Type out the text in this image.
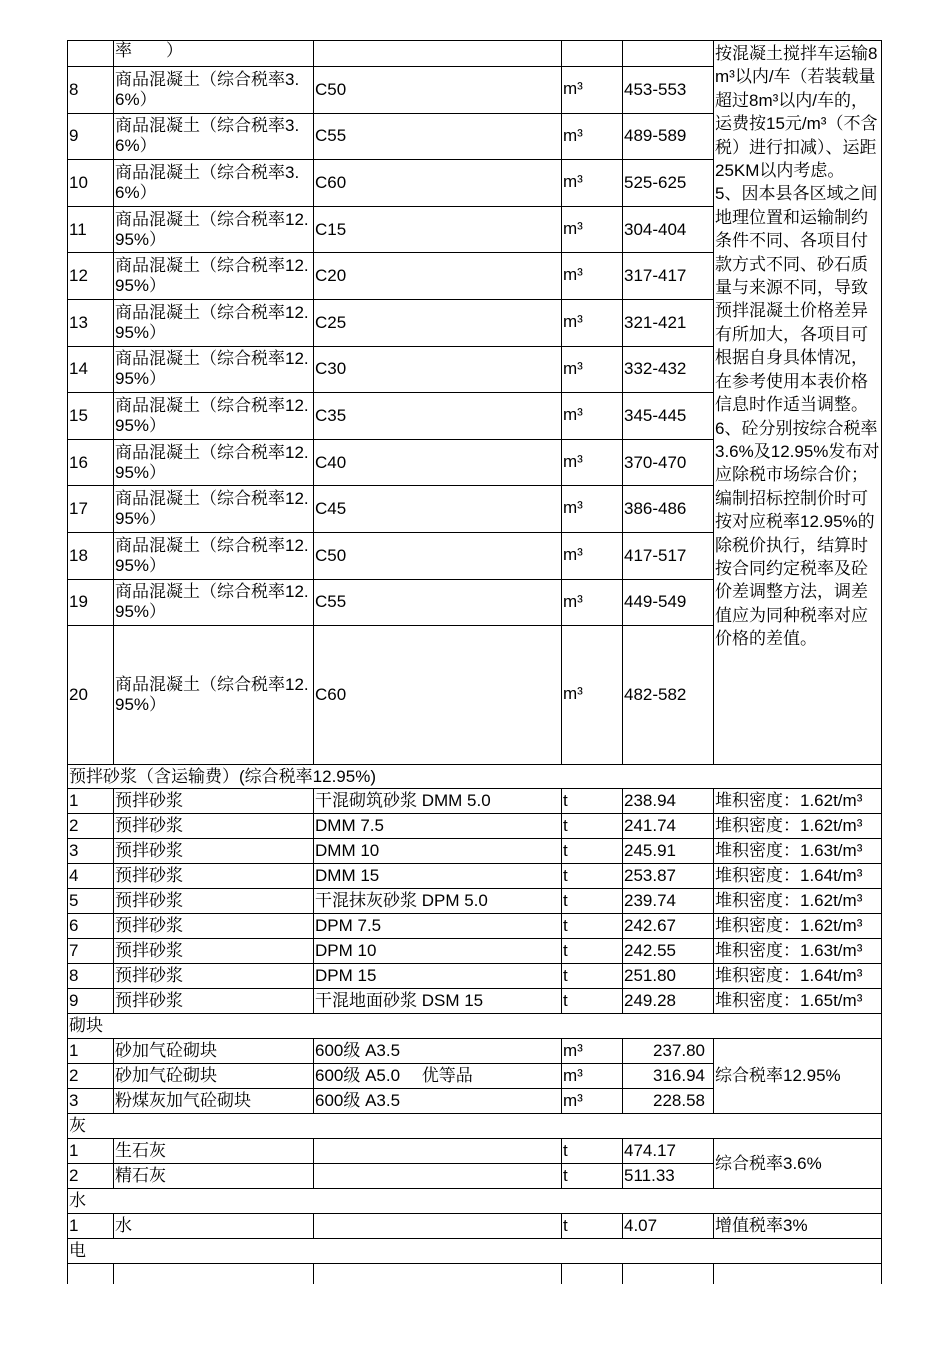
	率　　）				按混凝土搅拌车运输8m³以内/车（若装载量超过8m³以内/车的，运费按15元/m³（不含税）进行扣减）、运距25KM以内考虑。
5、因本县各区域之间地理位置和运输制约条件不同、各项目付款方式不同、砂石质量与来源不同，导致预拌混凝土价格差异有所加大，各项目可根据自身具体情况，在参考使用本表价格信息时作适当调整。
6、砼分别按综合税率3.6%及12.95%发布对应除税市场综合价；编制招标控制价时可按对应税率12.95%的除税价执行，结算时按合同约定税率及砼价差调整方法，调差值应为同种税率对应价格的差值。
8	商品混凝土（综合税率3.6%）	C50	m³	453-553	
9	商品混凝土（综合税率3.6%）	C55	m³	489-589	
10	商品混凝土（综合税率3.6%）	C60	m³	525-625	
11	商品混凝土（综合税率12.95%）	C15	m³	304-404	
12	商品混凝土（综合税率12.95%）	C20	m³	317-417	
13	商品混凝土（综合税率12.95%）	C25	m³	321-421	
14	商品混凝土（综合税率12.95%）	C30	m³	332-432	
15	商品混凝土（综合税率12.95%）	C35	m³	345-445	
16	商品混凝土（综合税率12.95%）	C40	m³	370-470	
17	商品混凝土（综合税率12.95%）	C45	m³	386-486	
18	商品混凝土（综合税率12.95%）	C50	m³	417-517	
19	商品混凝土（综合税率12.95%）	C55	m³	449-549	
20	商品混凝土（综合税率12.95%）	C60	m³	482-582	
预拌砂浆（含运输费）(综合税率12.95%)					
1	预拌砂浆	干混砌筑砂浆 DMM 5.0	t	238.94	堆积密度：1.62t/m³
2	预拌砂浆	DMM 7.5	t	241.74	堆积密度：1.62t/m³
3	预拌砂浆	DMM 10	t	245.91	堆积密度：1.63t/m³
4	预拌砂浆	DMM 15	t	253.87	堆积密度：1.64t/m³
5	预拌砂浆	干混抹灰砂浆 DPM 5.0	t	239.74	堆积密度：1.62t/m³
6	预拌砂浆	DPM 7.5	t	242.67	堆积密度：1.62t/m³
7	预拌砂浆	DPM 10	t	242.55	堆积密度：1.63t/m³
8	预拌砂浆	DPM 15	t	251.80	堆积密度：1.64t/m³
9	预拌砂浆	干混地面砂浆 DSM 15	t	249.28	堆积密度：1.65t/m³
砌块					
1	砂加气砼砌块	600级 A3.5	m³	237.80	综合税率12.95%
2	砂加气砼砌块	600级 A5.0　 优等品	m³	316.94	
3	粉煤灰加气砼砌块	600级 A3.5	m³	228.58	
灰					
1	生石灰		t	474.17	综合税率3.6%
2	精石灰		t	511.33	
水					
1	水		t	4.07	增值税率3%
电					
